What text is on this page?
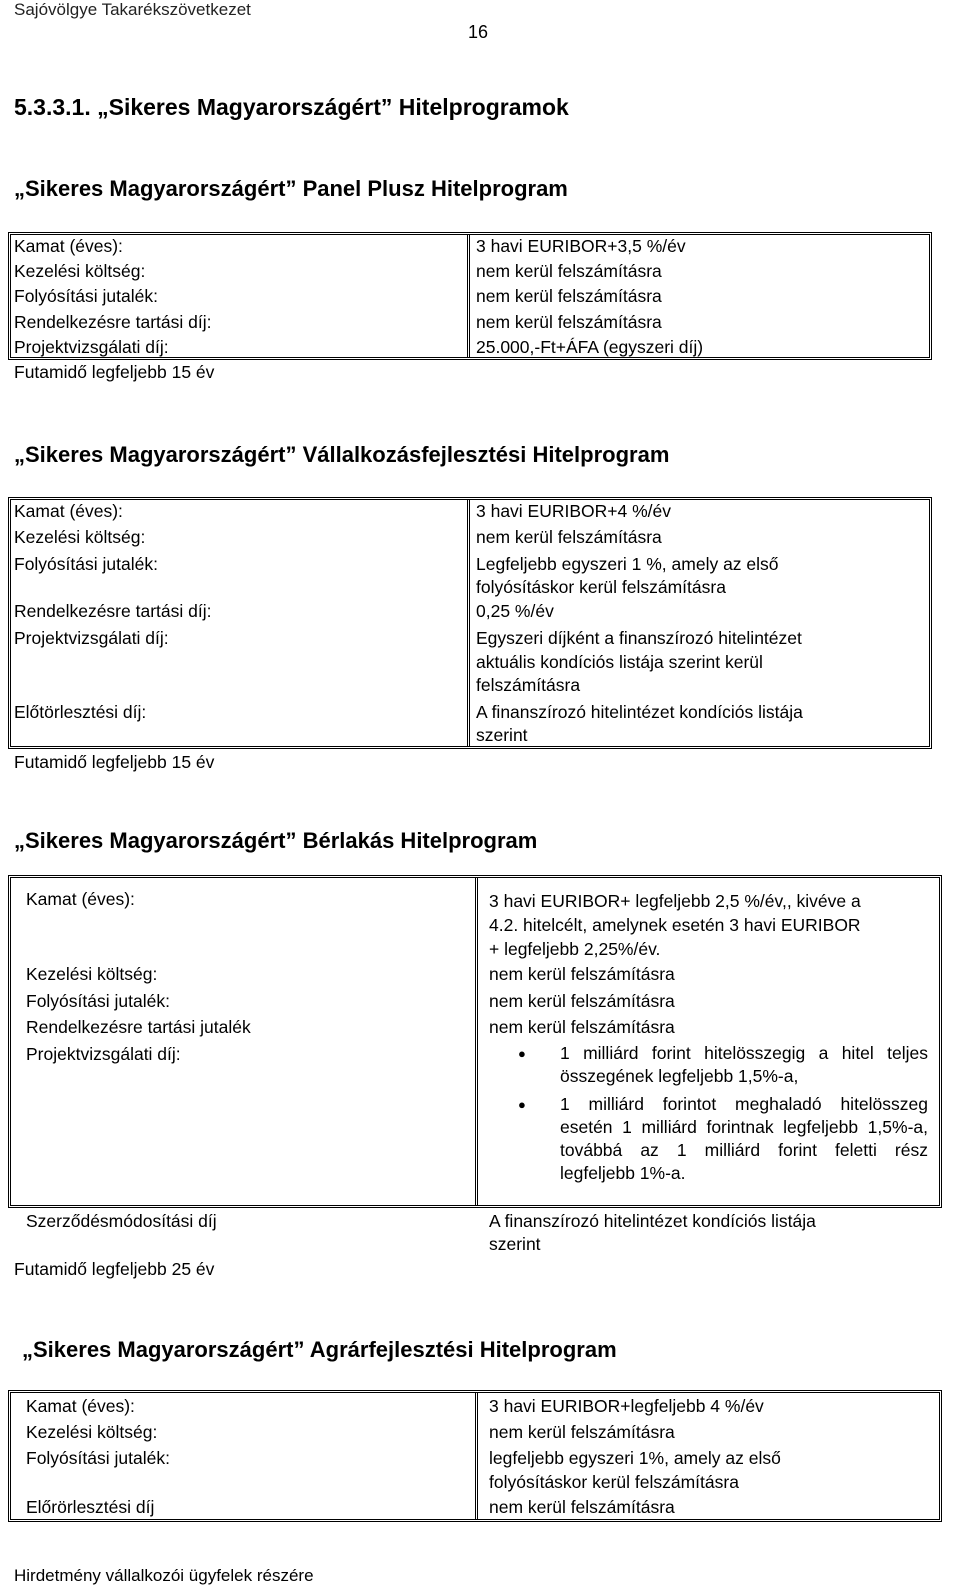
Sajóvölgye Takarékszövetkezet
16
5.3.3.1. „Sikeres Magyarországért” Hitelprogramok
„Sikeres Magyarországért” Panel Plusz Hitelprogram
Kamat (éves):
Kezelési költség:
Folyósítási jutalék:
Rendelkezésre tartási díj:
Projektvizsgálati díj:
Futamidő legfeljebb 15 év
3 havi EURIBOR+3,5 %/év
nem kerül felszámításra
nem kerül felszámításra
nem kerül felszámításra
25.000,-Ft+ÁFA (egyszeri díj)
„Sikeres Magyarországért” Vállalkozásfejlesztési Hitelprogram
Kamat (éves):
Kezelési költség:
Folyósítási jutalék:
Rendelkezésre tartási díj:
Projektvizsgálati díj:
Előtörlesztési díj:
Futamidő legfeljebb 15 év
3 havi EURIBOR+4 %/év
nem kerül felszámításra
Legfeljebb egyszeri 1 %, amely az első
folyósításkor kerül felszámításra
0,25 %/év
Egyszeri díjként a finanszírozó hitelintézet
aktuális kondíciós listája szerint kerül
felszámításra
A finanszírozó hitelintézet kondíciós listája
szerint
„Sikeres Magyarországért” Bérlakás Hitelprogram
Kamat (éves):
Kezelési költség:
Folyósítási jutalék:
Rendelkezésre tartási jutalék
Projektvizsgálati díj:
Szerződésmódosítási díj
Futamidő legfeljebb 25 év
3 havi EURIBOR+ legfeljebb 2,5 %/év,, kivéve a
4.2. hitelcélt, amelynek esetén 3 havi EURIBOR
+ legfeljebb 2,25%/év.
nem kerül felszámításra
nem kerül felszámításra
nem kerül felszámításra
● 1 milliárd forint hitelösszegig a hitel teljes összegének legfeljebb 1,5%-a,
● 1 milliárd forintot meghaladó hitelösszeg esetén 1 milliárd forintnak legfeljebb 1,5%-a, továbbá az 1 milliárd forint feletti rész legfeljebb 1%-a.
A finanszírozó hitelintézet kondíciós listája
szerint
„Sikeres Magyarországért” Agrárfejlesztési Hitelprogram
Kamat (éves):
Kezelési költség:
Folyósítási jutalék:
Előrörlesztési díj
3 havi EURIBOR+legfeljebb 4 %/év
nem kerül felszámításra
legfeljebb egyszeri 1%, amely az első
folyósításkor kerül felszámításra
nem kerül felszámításra
Hirdetmény vállalkozói ügyfelek részére
